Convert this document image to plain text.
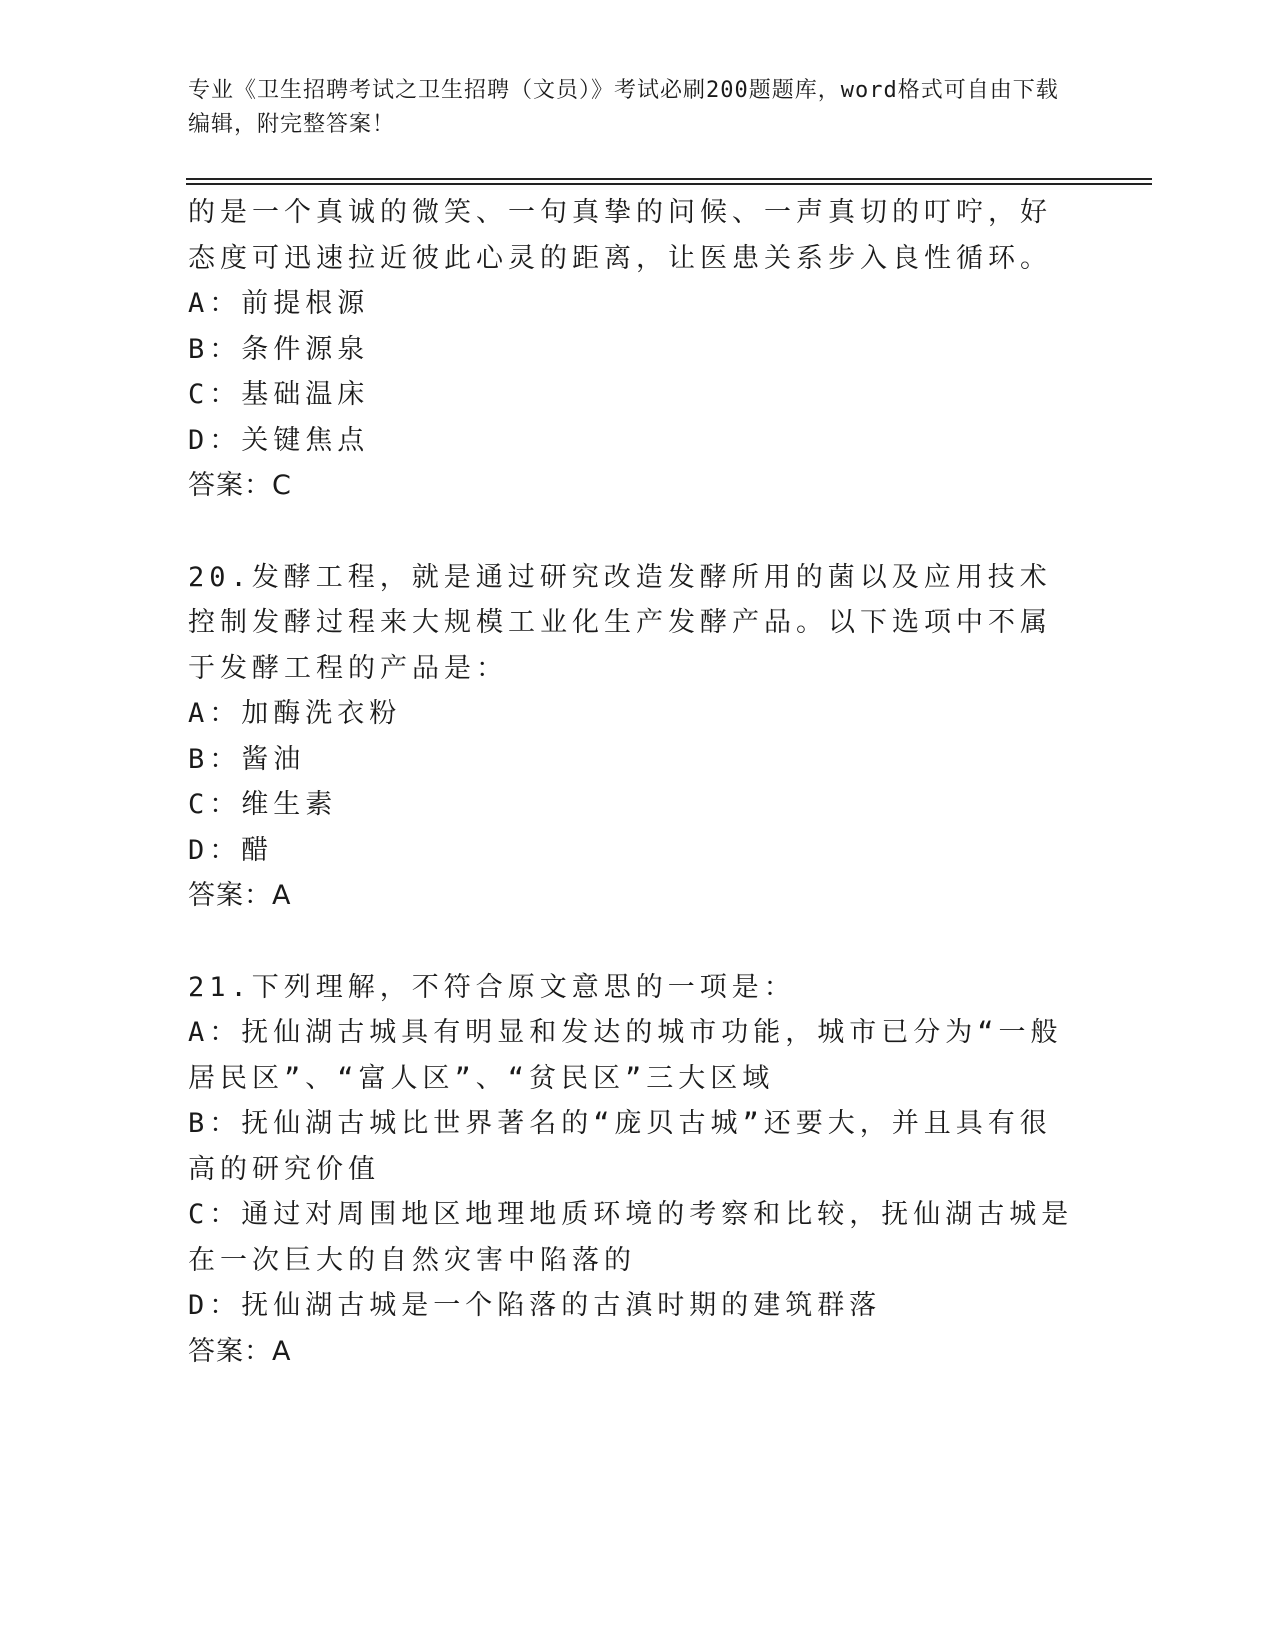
专业《卫生招聘考试之卫生招聘（文员）》考试必刷200题题库，word格式可自由下载编辑，附完整答案！

的是一个真诚的微笑、一句真挚的问候、一声真切的叮咛，好态度可迅速拉近彼此心灵的距离，让医患关系步入良性循环。

A：前提根源

B：条件源泉

C：基础温床

D：关键焦点

答案：C

20.发酵工程，就是通过研究改造发酵所用的菌以及应用技术控制发酵过程来大规模工业化生产发酵产品。以下选项中不属于发酵工程的产品是：

A：加酶洗衣粉

B：酱油

C：维生素

D：醋

答案：A

21.下列理解，不符合原文意思的一项是：

A：抚仙湖古城具有明显和发达的城市功能，城市已分为“一般居民区”、“富人区”、“贫民区”三大区域

B：抚仙湖古城比世界著名的“庞贝古城”还要大，并且具有很高的研究价值

C：通过对周围地区地理地质环境的考察和比较，抚仙湖古城是在一次巨大的自然灾害中陷落的

D：抚仙湖古城是一个陷落的古滇时期的建筑群落

答案：A
